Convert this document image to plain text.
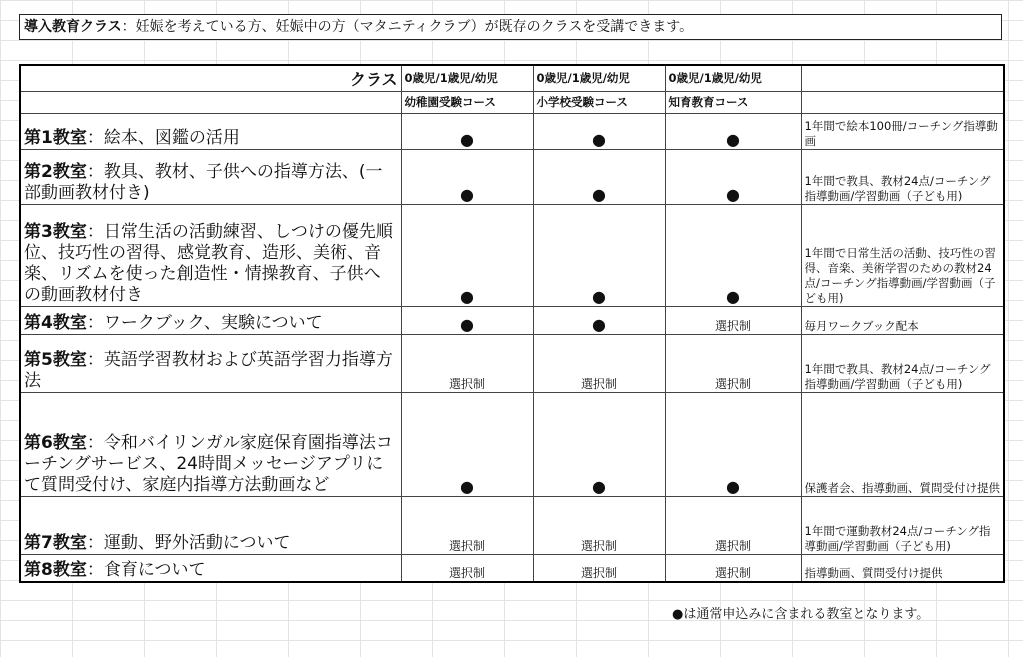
導入教育クラス：妊娠を考えている方、妊娠中の方（マタニティクラブ）が既存のクラスを受講できます。
クラス	0歳児/1歳児/幼児	0歳児/1歳児/幼児	0歳児/1歳児/幼児	
	幼稚園受験コース	小学校受験コース	知育教育コース	
第1教室：絵本、図鑑の活用	●	●	●	1年間で絵本100冊/コーチング指導動画
第2教室：教具、教材、子供への指導方法、(一部動画教材付き)	●	●	●	1年間で教具、教材24点/コーチング指導動画/学習動画（子ども用)
第3教室：日常生活の活動練習、しつけの優先順位、技巧性の習得、感覚教育、造形、美術、音楽、リズムを使った創造性・情操教育、子供への動画教材付き	●	●	●	1年間で日常生活の活動、技巧性の習得、音楽、美術学習のための教材24点/コーチング指導動画/学習動画（子ども用)
第4教室：ワークブック、実験について	●	●	選択制	毎月ワークブック配本
第5教室：英語学習教材および英語学習力指導方法	選択制	選択制	選択制	1年間で教具、教材24点/コーチング指導動画/学習動画（子ども用)
第6教室：令和バイリンガル家庭保育園指導法コーチングサービス、24時間メッセージアプリにて質問受付け、家庭内指導方法動画など	●	●	●	保護者会、指導動画、質問受付け提供
第7教室：運動、野外活動について	選択制	選択制	選択制	1年間で運動教材24点/コーチング指導動画/学習動画（子ども用)
第8教室：食育について	選択制	選択制	選択制	指導動画、質問受付け提供
●は通常申込みに含まれる教室となります。
